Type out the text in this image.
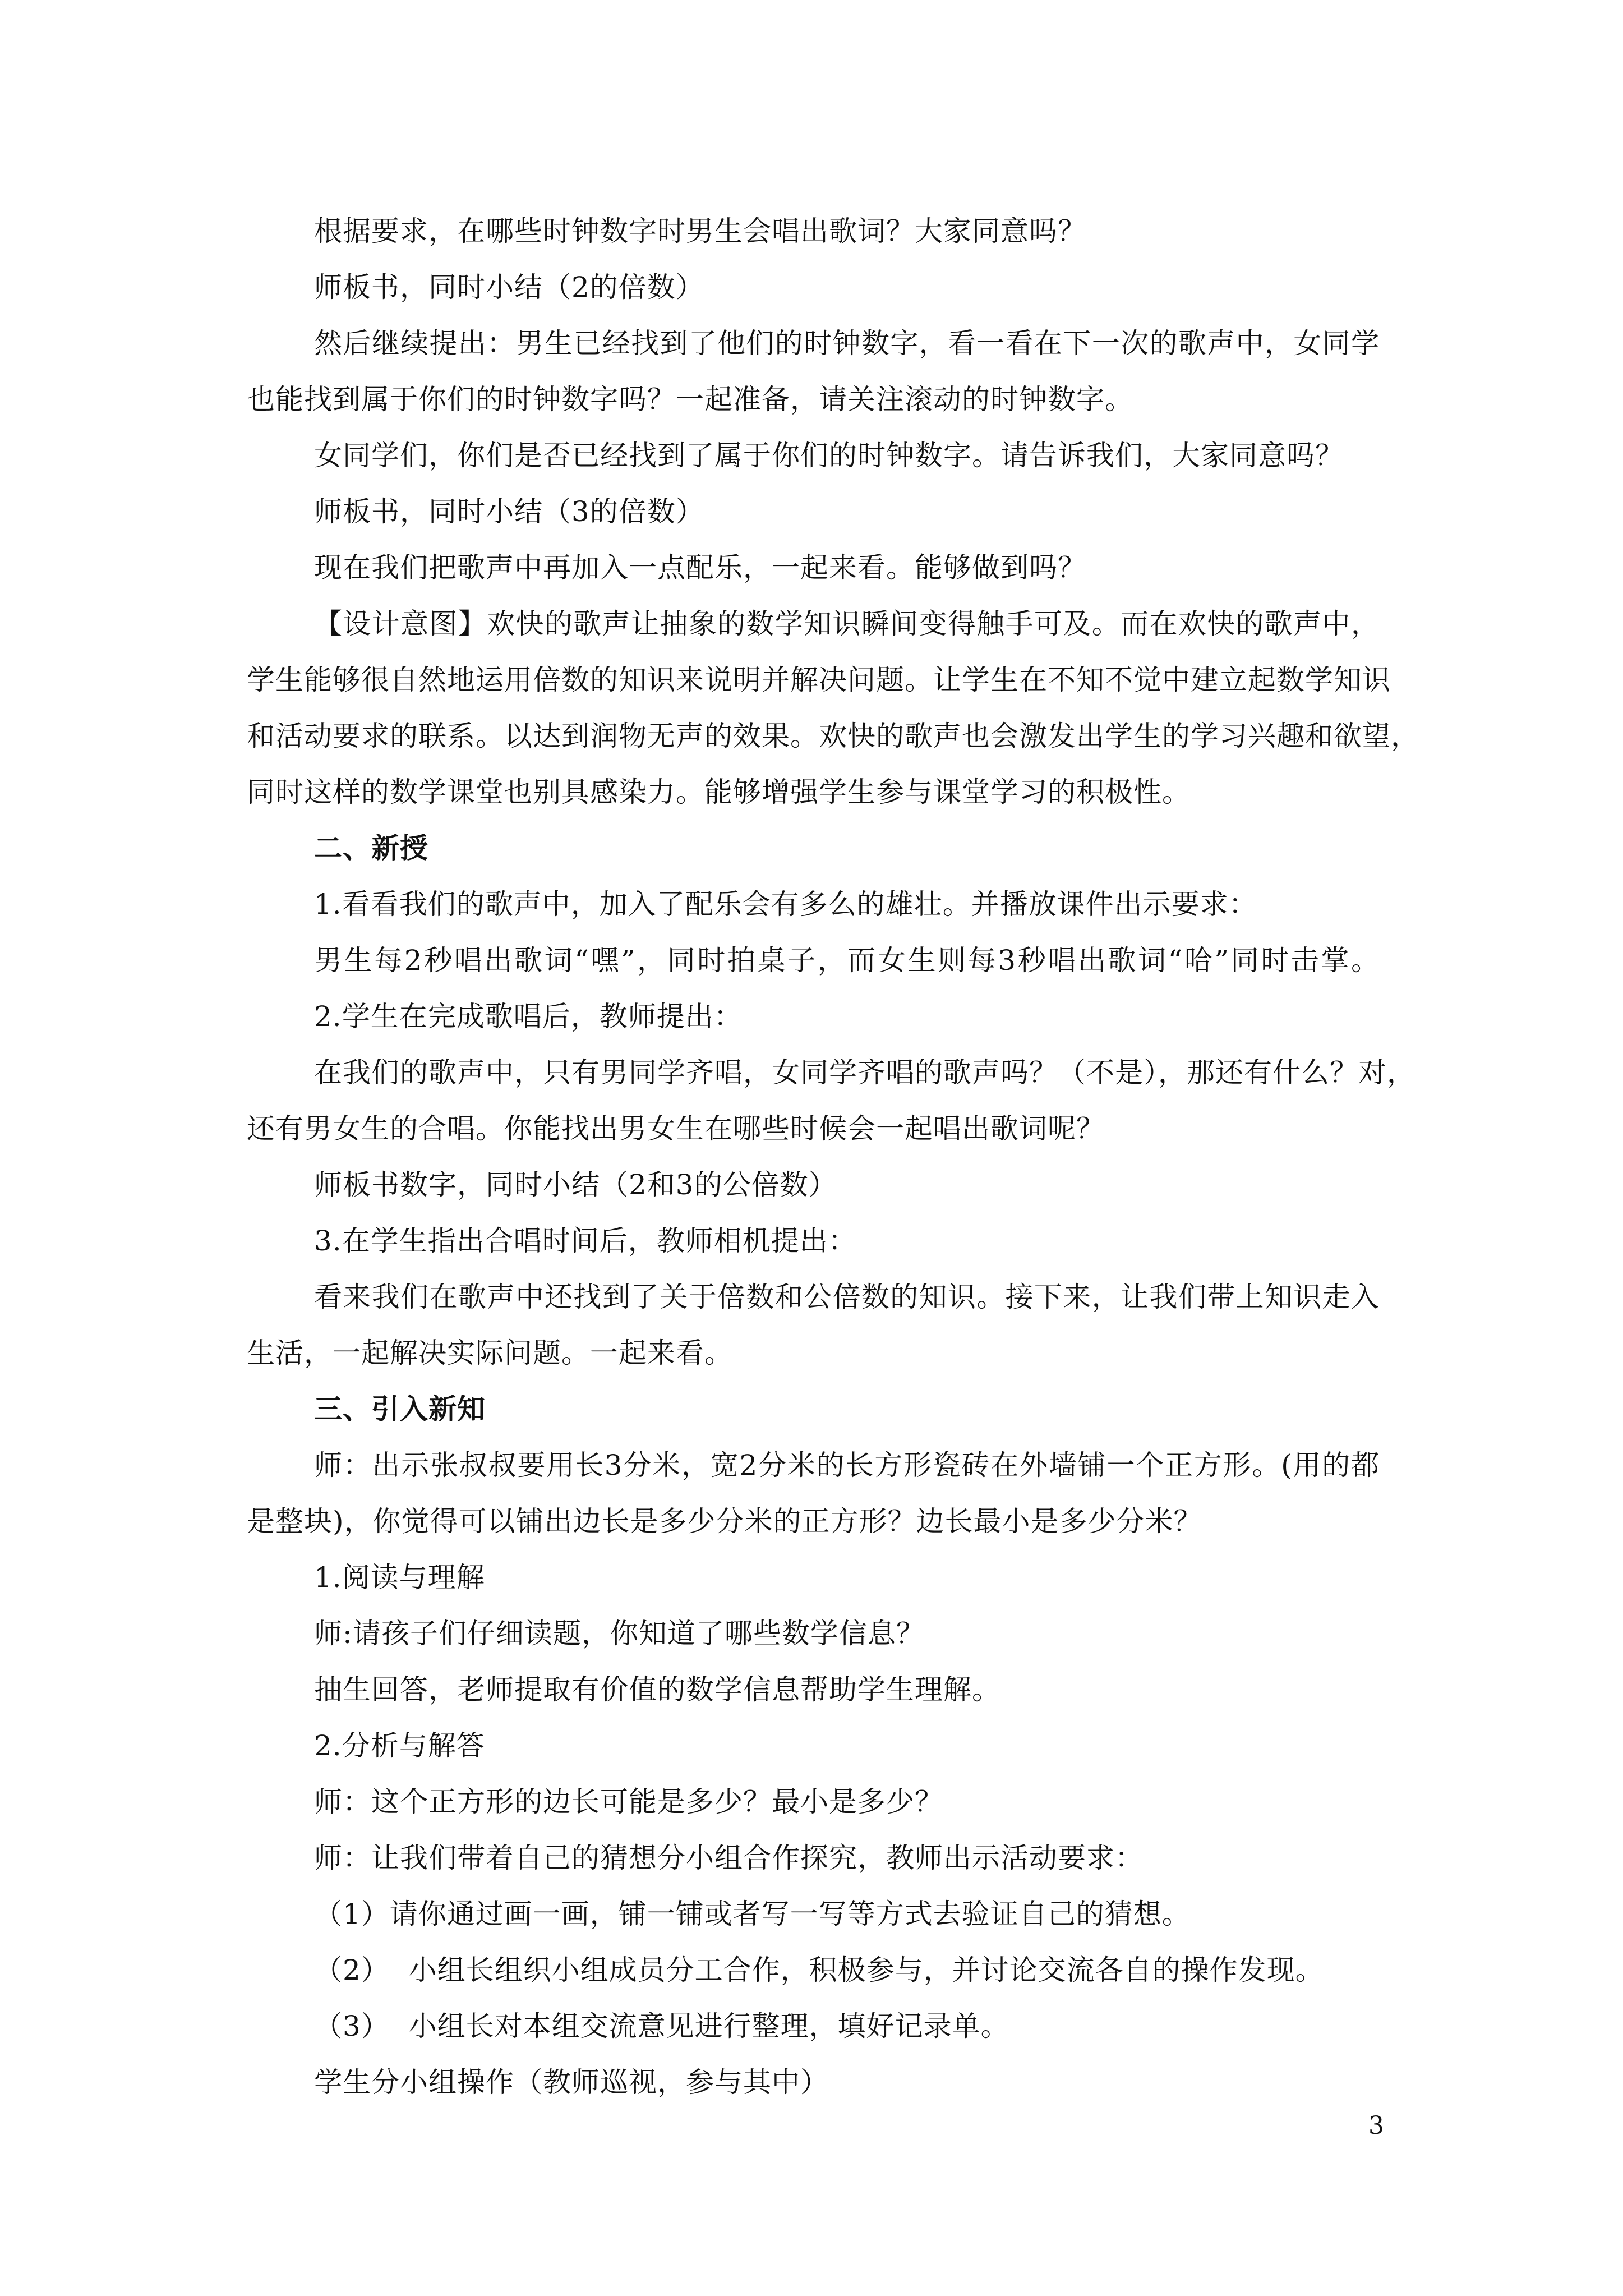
根据要求，在哪些时钟数字时男生会唱出歌词？大家同意吗？
师板书，同时小结（2的倍数）
然后继续提出：男生已经找到了他们的时钟数字，看一看在下一次的歌声中，女同学
也能找到属于你们的时钟数字吗？一起准备，请关注滚动的时钟数字。
女同学们，你们是否已经找到了属于你们的时钟数字。请告诉我们，大家同意吗？
师板书，同时小结（3的倍数）
现在我们把歌声中再加入一点配乐，一起来看。能够做到吗？
【设计意图】欢快的歌声让抽象的数学知识瞬间变得触手可及。而在欢快的歌声中，
学生能够很自然地运用倍数的知识来说明并解决问题。让学生在不知不觉中建立起数学知识
和活动要求的联系。以达到润物无声的效果。欢快的歌声也会激发出学生的学习兴趣和欲望，
同时这样的数学课堂也别具感染力。能够增强学生参与课堂学习的积极性。
二、新授
1.看看我们的歌声中，加入了配乐会有多么的雄壮。并播放课件出示要求：
男生每2秒唱出歌词“嘿”，同时拍桌子，而女生则每3秒唱出歌词“哈”同时击掌。
2.学生在完成歌唱后，教师提出：
在我们的歌声中，只有男同学齐唱，女同学齐唱的歌声吗？（不是），那还有什么？对，
还有男女生的合唱。你能找出男女生在哪些时候会一起唱出歌词呢？
师板书数字，同时小结（2和3的公倍数）
3.在学生指出合唱时间后，教师相机提出：
看来我们在歌声中还找到了关于倍数和公倍数的知识。接下来，让我们带上知识走入
生活，一起解决实际问题。一起来看。
三、引入新知
师：出示张叔叔要用长3分米，宽2分米的长方形瓷砖在外墙铺一个正方形。(用的都
是整块)，你觉得可以铺出边长是多少分米的正方形？边长最小是多少分米？
1.阅读与理解
师:请孩子们仔细读题，你知道了哪些数学信息？
抽生回答，老师提取有价值的数学信息帮助学生理解。
2.分析与解答
师：这个正方形的边长可能是多少？最小是多少？
师：让我们带着自己的猜想分小组合作探究，教师出示活动要求：
（1）请你通过画一画，铺一铺或者写一写等方式去验证自己的猜想。
（2）  小组长组织小组成员分工合作，积极参与，并讨论交流各自的操作发现。
（3）  小组长对本组交流意见进行整理，填好记录单。
学生分小组操作（教师巡视，参与其中）
3
